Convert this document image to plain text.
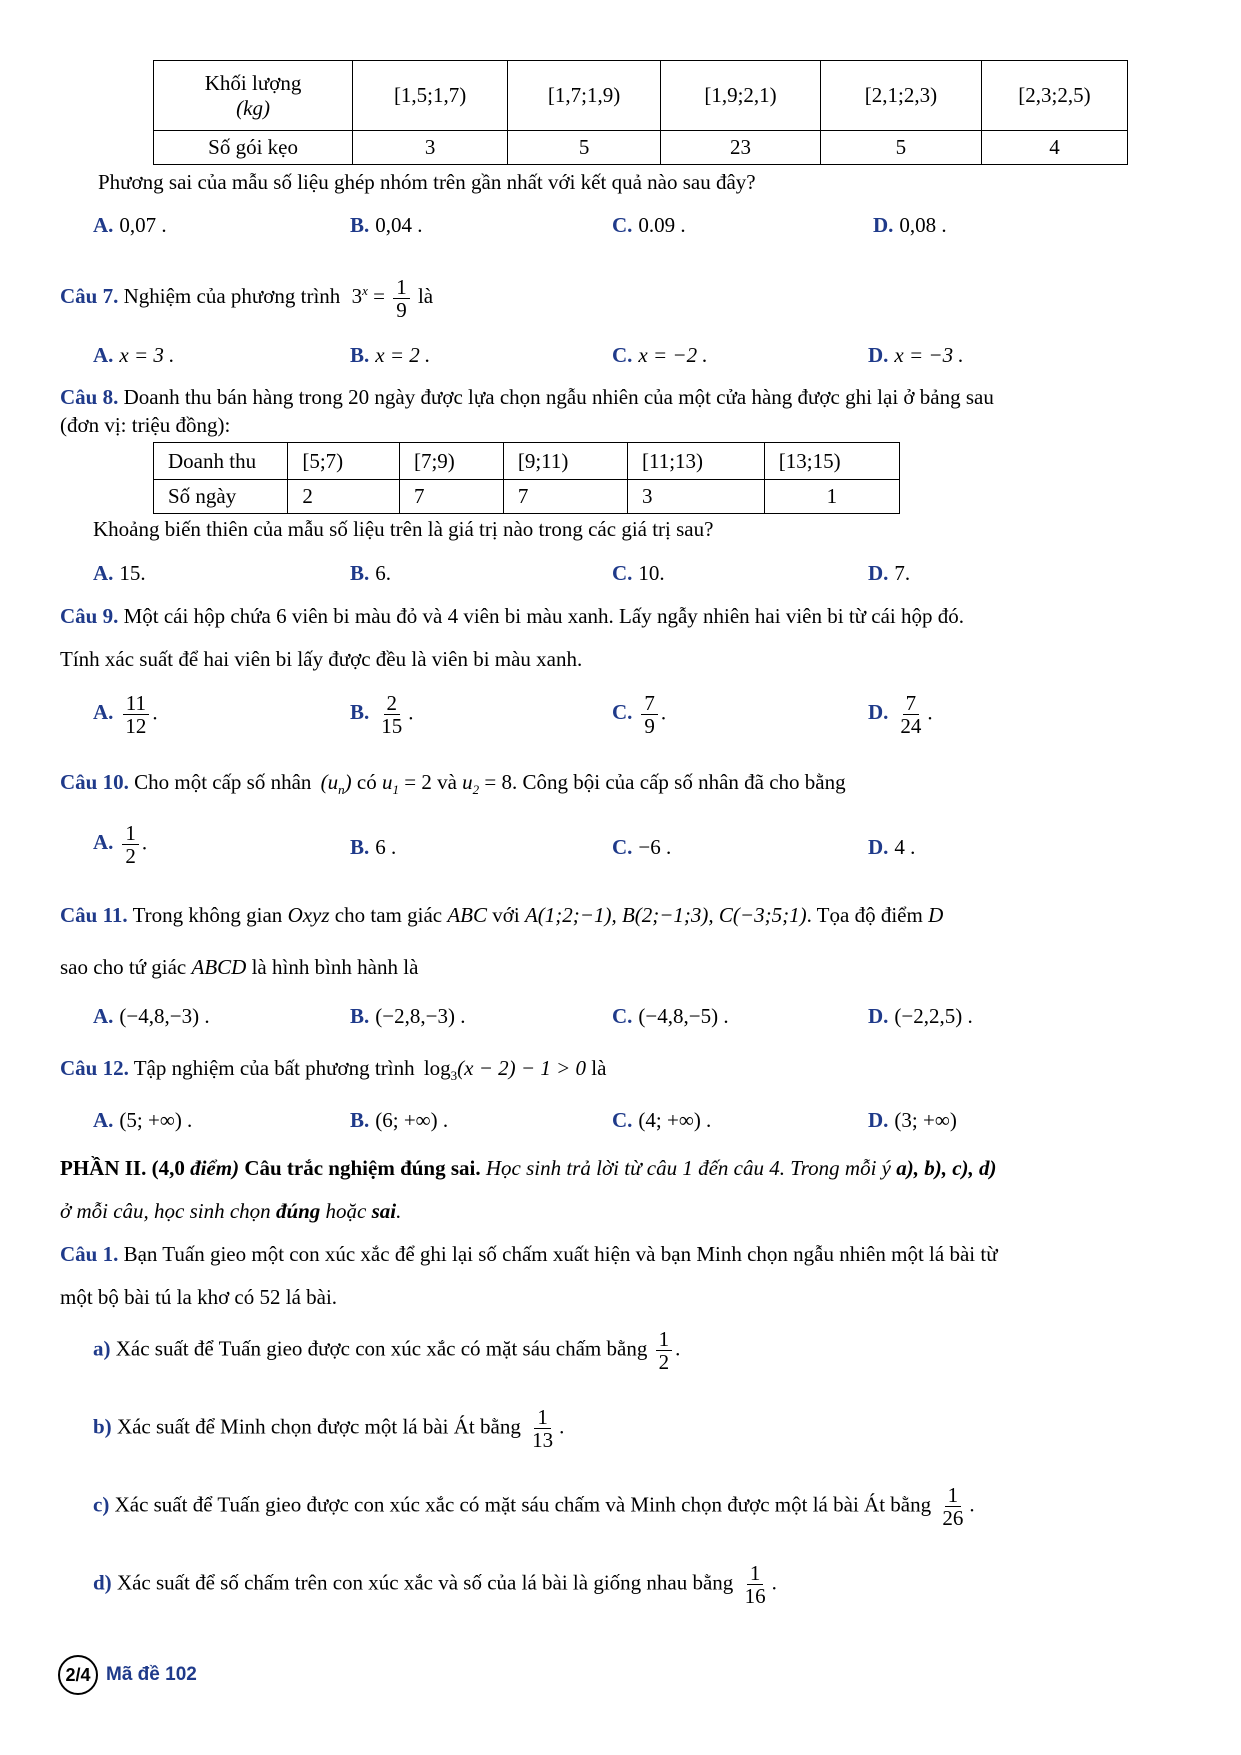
Khối lượng
(kg)	[1,5;1,7)	[1,7;1,9)	[1,9;2,1)	[2,1;2,3)	[2,3;2,5)
Số gói kẹo	3	5	23	5	4
Phương sai của mẫu số liệu ghép nhóm trên gần nhất với kết quả nào sau đây?
A. 0,07 .	B. 0,04 .	C. 0.09 .	D. 0,08 .
Câu 7. Nghiệm của phương trình $3^x = \frac{1}{9}$ là
A. x = 3 .	B. x = 2 .	C. x = −2 .	D. x = −3 .
Câu 8. Doanh thu bán hàng trong 20 ngày được lựa chọn ngẫu nhiên của một cửa hàng được ghi lại ở bảng sau
(đơn vị: triệu đồng):
Doanh thu	[5;7)	[7;9)	[9;11)	[11;13)	[13;15)
Số ngày	2	7	7	3	1
Khoảng biến thiên của mẫu số liệu trên là giá trị nào trong các giá trị sau?
A. 15.	B. 6.	C. 10.	D. 7.
Câu 9. Một cái hộp chứa 6 viên bi màu đỏ và 4 viên bi màu xanh. Lấy ngẫy nhiên hai viên bi từ cái hộp đó.
Tính xác suất để hai viên bi lấy được đều là viên bi màu xanh.
A. $\frac{11}{12}$ .	B. $\frac{2}{15}$ .	C. $\frac{7}{9}$ .	D. $\frac{7}{24}$ .
Câu 10. Cho một cấp số nhân $(u_n)$ có $u_1 = 2$ và $u_2 = 8$. Công bội của cấp số nhân đã cho bằng
A. $\frac{1}{2}$ .	B. 6 .	C. −6 .	D. 4 .
Câu 11. Trong không gian Oxyz cho tam giác ABC với A(1;2;−1), B(2;−1;3), C(−3;5;1). Tọa độ điểm D
sao cho tứ giác ABCD là hình bình hành là
A. (−4,8,−3) .	B. (−2,8,−3) .	C. (−4,8,−5) .	D. (−2,2,5) .
Câu 12. Tập nghiệm của bất phương trình $\log_3(x - 2) - 1 > 0$ là
A. (5; +∞) .	B. (6; +∞) .	C. (4; +∞) .	D. (3; +∞)
PHẦN II. (4,0 điểm) Câu trắc nghiệm đúng sai. Học sinh trả lời từ câu 1 đến câu 4. Trong mỗi ý a), b), c), d)
ở mỗi câu, học sinh chọn đúng hoặc sai.
Câu 1. Bạn Tuấn gieo một con xúc xắc để ghi lại số chấm xuất hiện và bạn Minh chọn ngẫu nhiên một lá bài từ
một bộ bài tú la khơ có 52 lá bài.
a) Xác suất để Tuấn gieo được con xúc xắc có mặt sáu chấm bằng $\frac{1}{2}$ .
b) Xác suất để Minh chọn được một lá bài Át bằng $\frac{1}{13}$ .
c) Xác suất để Tuấn gieo được con xúc xắc có mặt sáu chấm và Minh chọn được một lá bài Át bằng $\frac{1}{26}$ .
d) Xác suất để số chấm trên con xúc xắc và số của lá bài là giống nhau bằng $\frac{1}{16}$ .
2/4 Mã đề 102
